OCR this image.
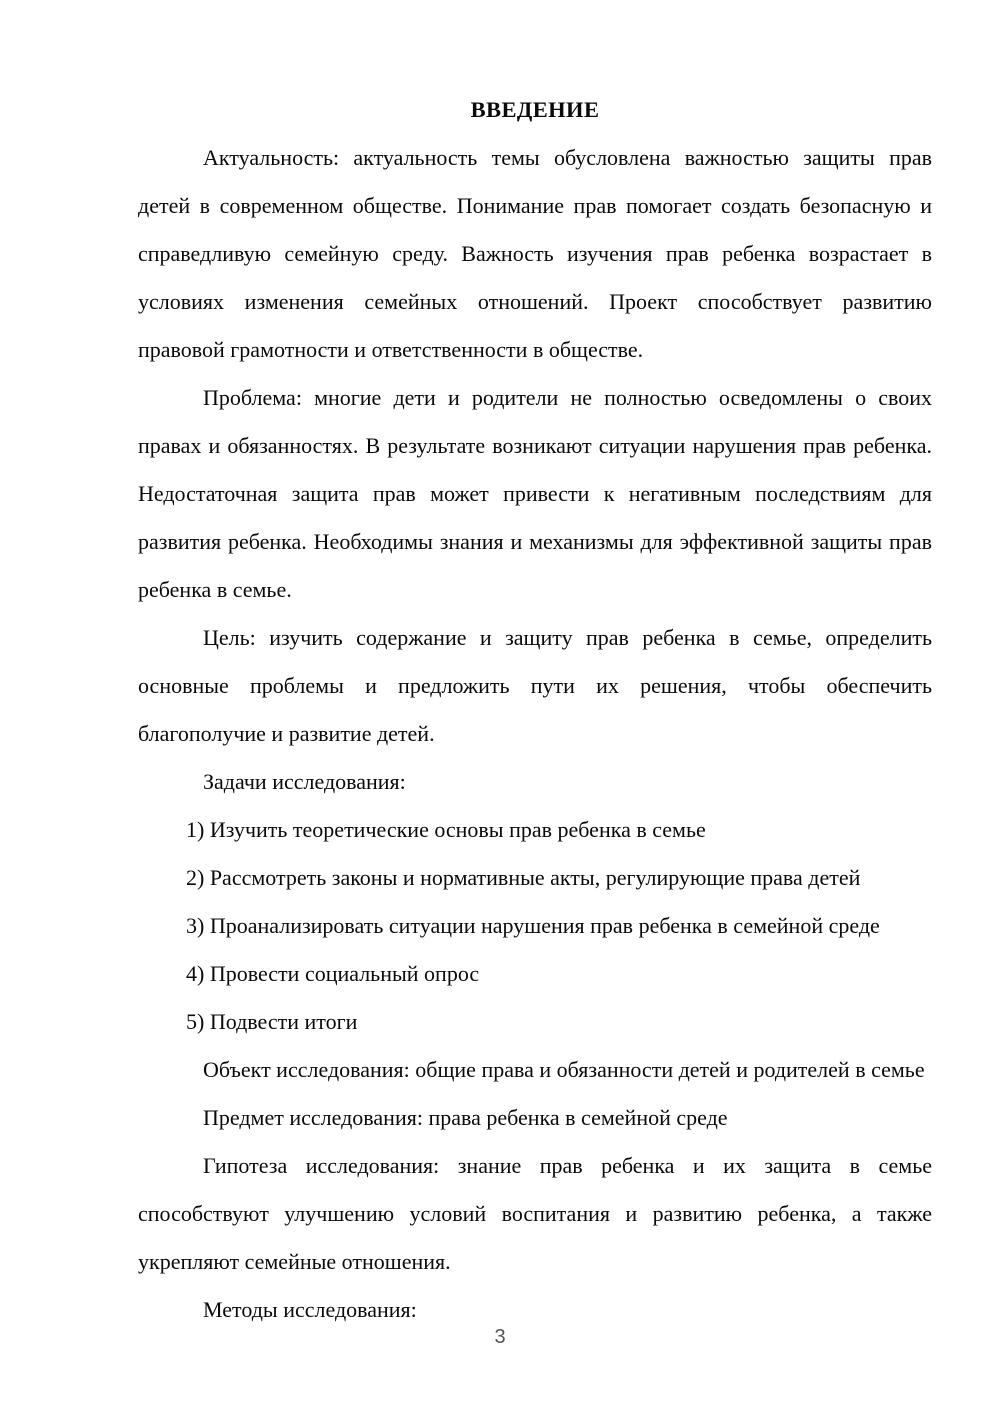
ВВЕДЕНИЕ

Актуальность: актуальность темы обусловлена важностью защиты прав детей в современном обществе. Понимание прав помогает создать безопасную и справедливую семейную среду. Важность изучения прав ребенка возрастает в условиях изменения семейных отношений. Проект способствует развитию правовой грамотности и ответственности в обществе.

Проблема: многие дети и родители не полностью осведомлены о своих правах и обязанностях. В результате возникают ситуации нарушения прав ребенка. Недостаточная защита прав может привести к негативным последствиям для развития ребенка. Необходимы знания и механизмы для эффективной защиты прав ребенка в семье.

Цель: изучить содержание и защиту прав ребенка в семье, определить основные проблемы и предложить пути их решения, чтобы обеспечить благополучие и развитие детей.

Задачи исследования:

1) Изучить теоретические основы прав ребенка в семье

2) Рассмотреть законы и нормативные акты, регулирующие права детей

3) Проанализировать ситуации нарушения прав ребенка в семейной среде

4) Провести социальный опрос

5) Подвести итоги

Объект исследования: общие права и обязанности детей и родителей в семье

Предмет исследования: права ребенка в семейной среде

Гипотеза исследования: знание прав ребенка и их защита в семье способствуют улучшению условий воспитания и развитию ребенка, а также укрепляют семейные отношения.

Методы исследования:

3
